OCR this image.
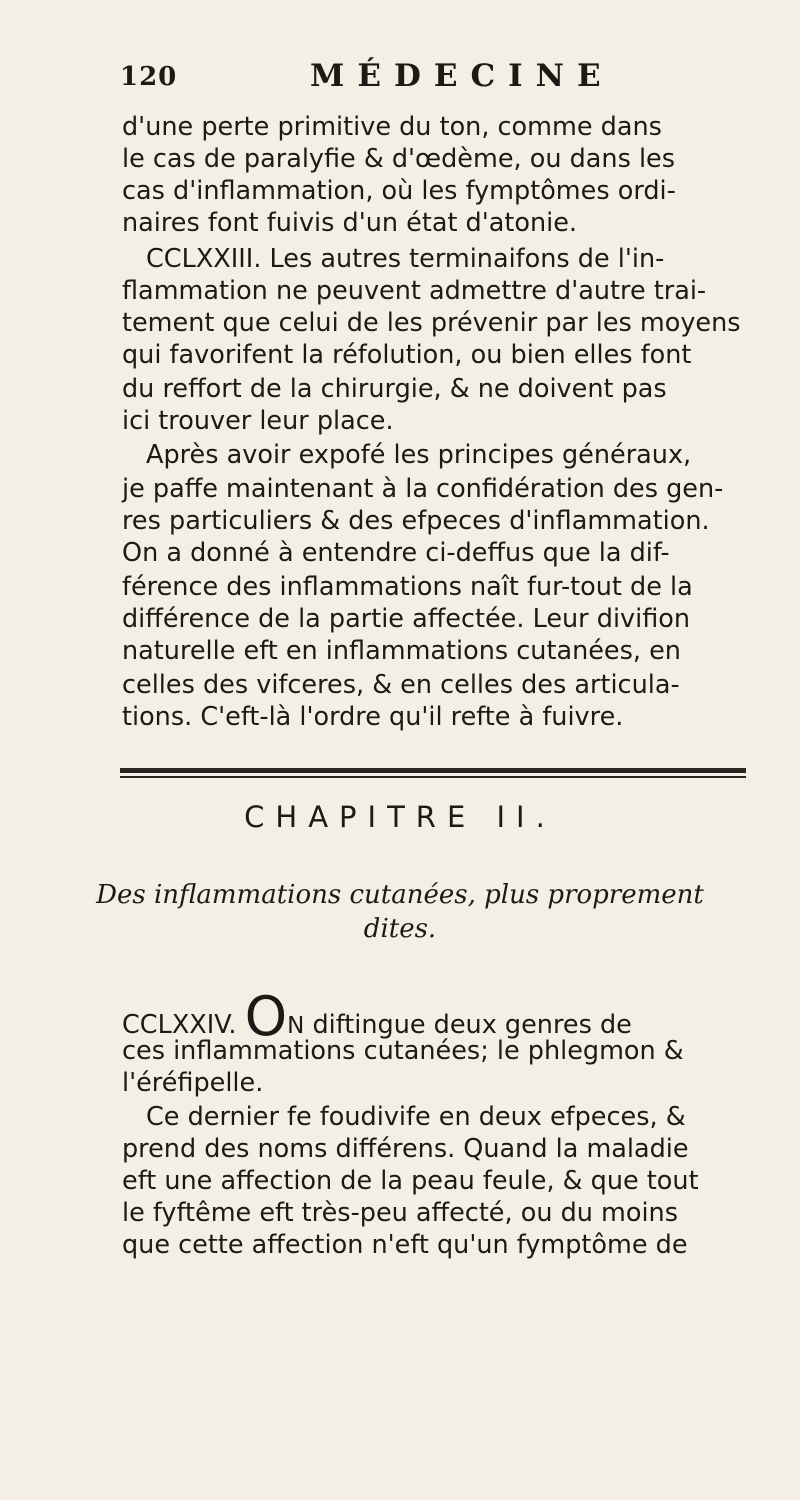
120	MÉDECINE
d'une perte primitive du ton, comme dans
le cas de paralyfie & d'œdème, ou dans les
cas d'inflammation, où les fymptômes ordi-
naires font fuivis d'un état d'atonie.
CCLXXIII. Les autres terminaifons de l'in-
flammation ne peuvent admettre d'autre trai-
tement que celui de les prévenir par les moyens
qui favorifent la réfolution, ou bien elles font
du reffort de la chirurgie, & ne doivent pas
ici trouver leur place.
Après avoir expofé les principes généraux,
je paffe maintenant à la confidération des gen-
res particuliers & des efpeces d'inflammation.
On a donné à entendre ci-deffus que la dif-
férence des inflammations naît fur-tout de la
différence de la partie affectée. Leur divifion
naturelle eft en inflammations cutanées, en
celles des vifceres, & en celles des articula-
tions. C'eft-là l'ordre qu'il refte à fuivre.
CHAPITRE II.
Des inflammations cutanées, plus proprement
dites.
CCLXXIV. ON diftingue deux genres de
ces inflammations cutanées; le phlegmon &
l'éréfipelle.
Ce dernier fe foudivife en deux efpeces, &
prend des noms différens. Quand la maladie
eft une affection de la peau feule, & que tout
le fyftême eft très-peu affecté, ou du moins
que cette affection n'eft qu'un fymptôme de
